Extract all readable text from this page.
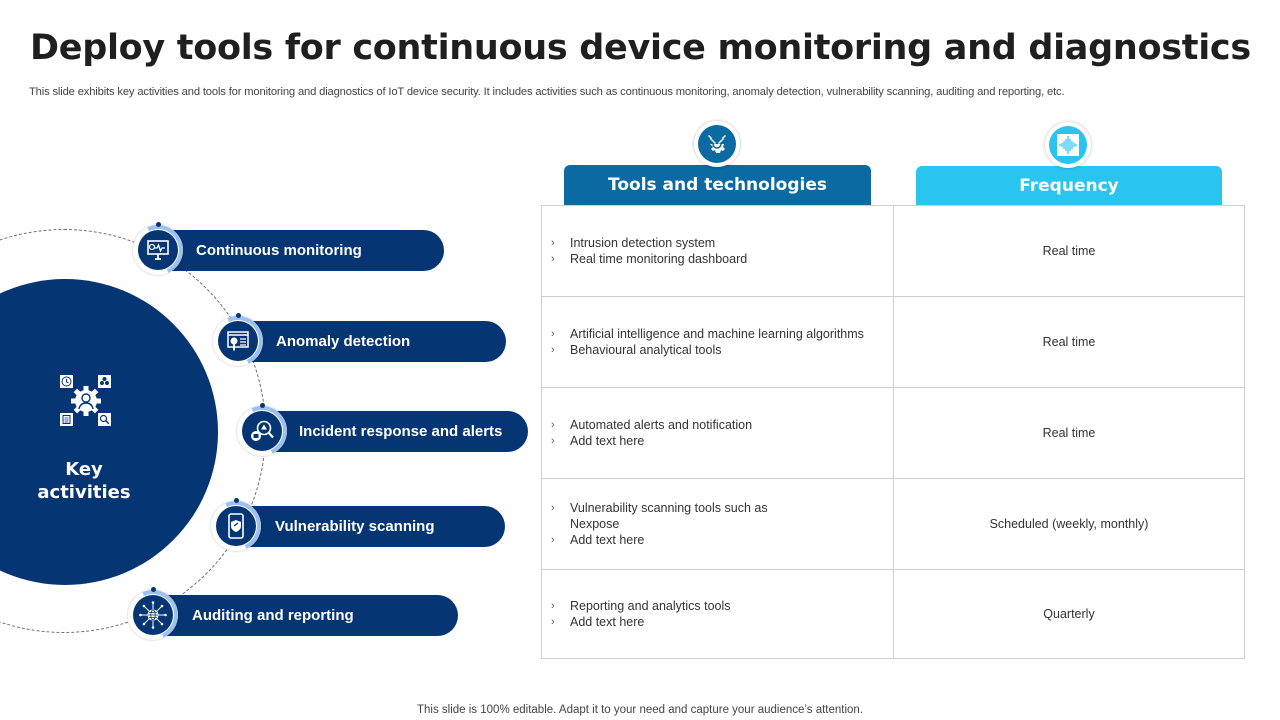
Deploy tools for continuous device monitoring and diagnostics
This slide exhibits key activities and tools for monitoring and diagnostics of IoT device security. It includes activities such as continuous monitoring, anomaly detection, vulnerability scanning, auditing and reporting, etc.
Key
activities
Continuous monitoring
Anomaly detection
Incident response and alerts
Vulnerability scanning
Auditing and reporting
Tools and technologies	Frequency
›	Intrusion detection system
›	Real time monitoring dashboard
Real time
›	Artificial intelligence and machine learning algorithms
›	Behavioural analytical tools
Real time
›	Automated alerts and notification
›	Add text here
Real time
›	Vulnerability scanning tools such as Nexpose
›	Add text here
Scheduled (weekly, monthly)
›	Reporting and analytics tools
›	Add text here
Quarterly
This slide is 100% editable. Adapt it to your need and capture your audience’s attention.
